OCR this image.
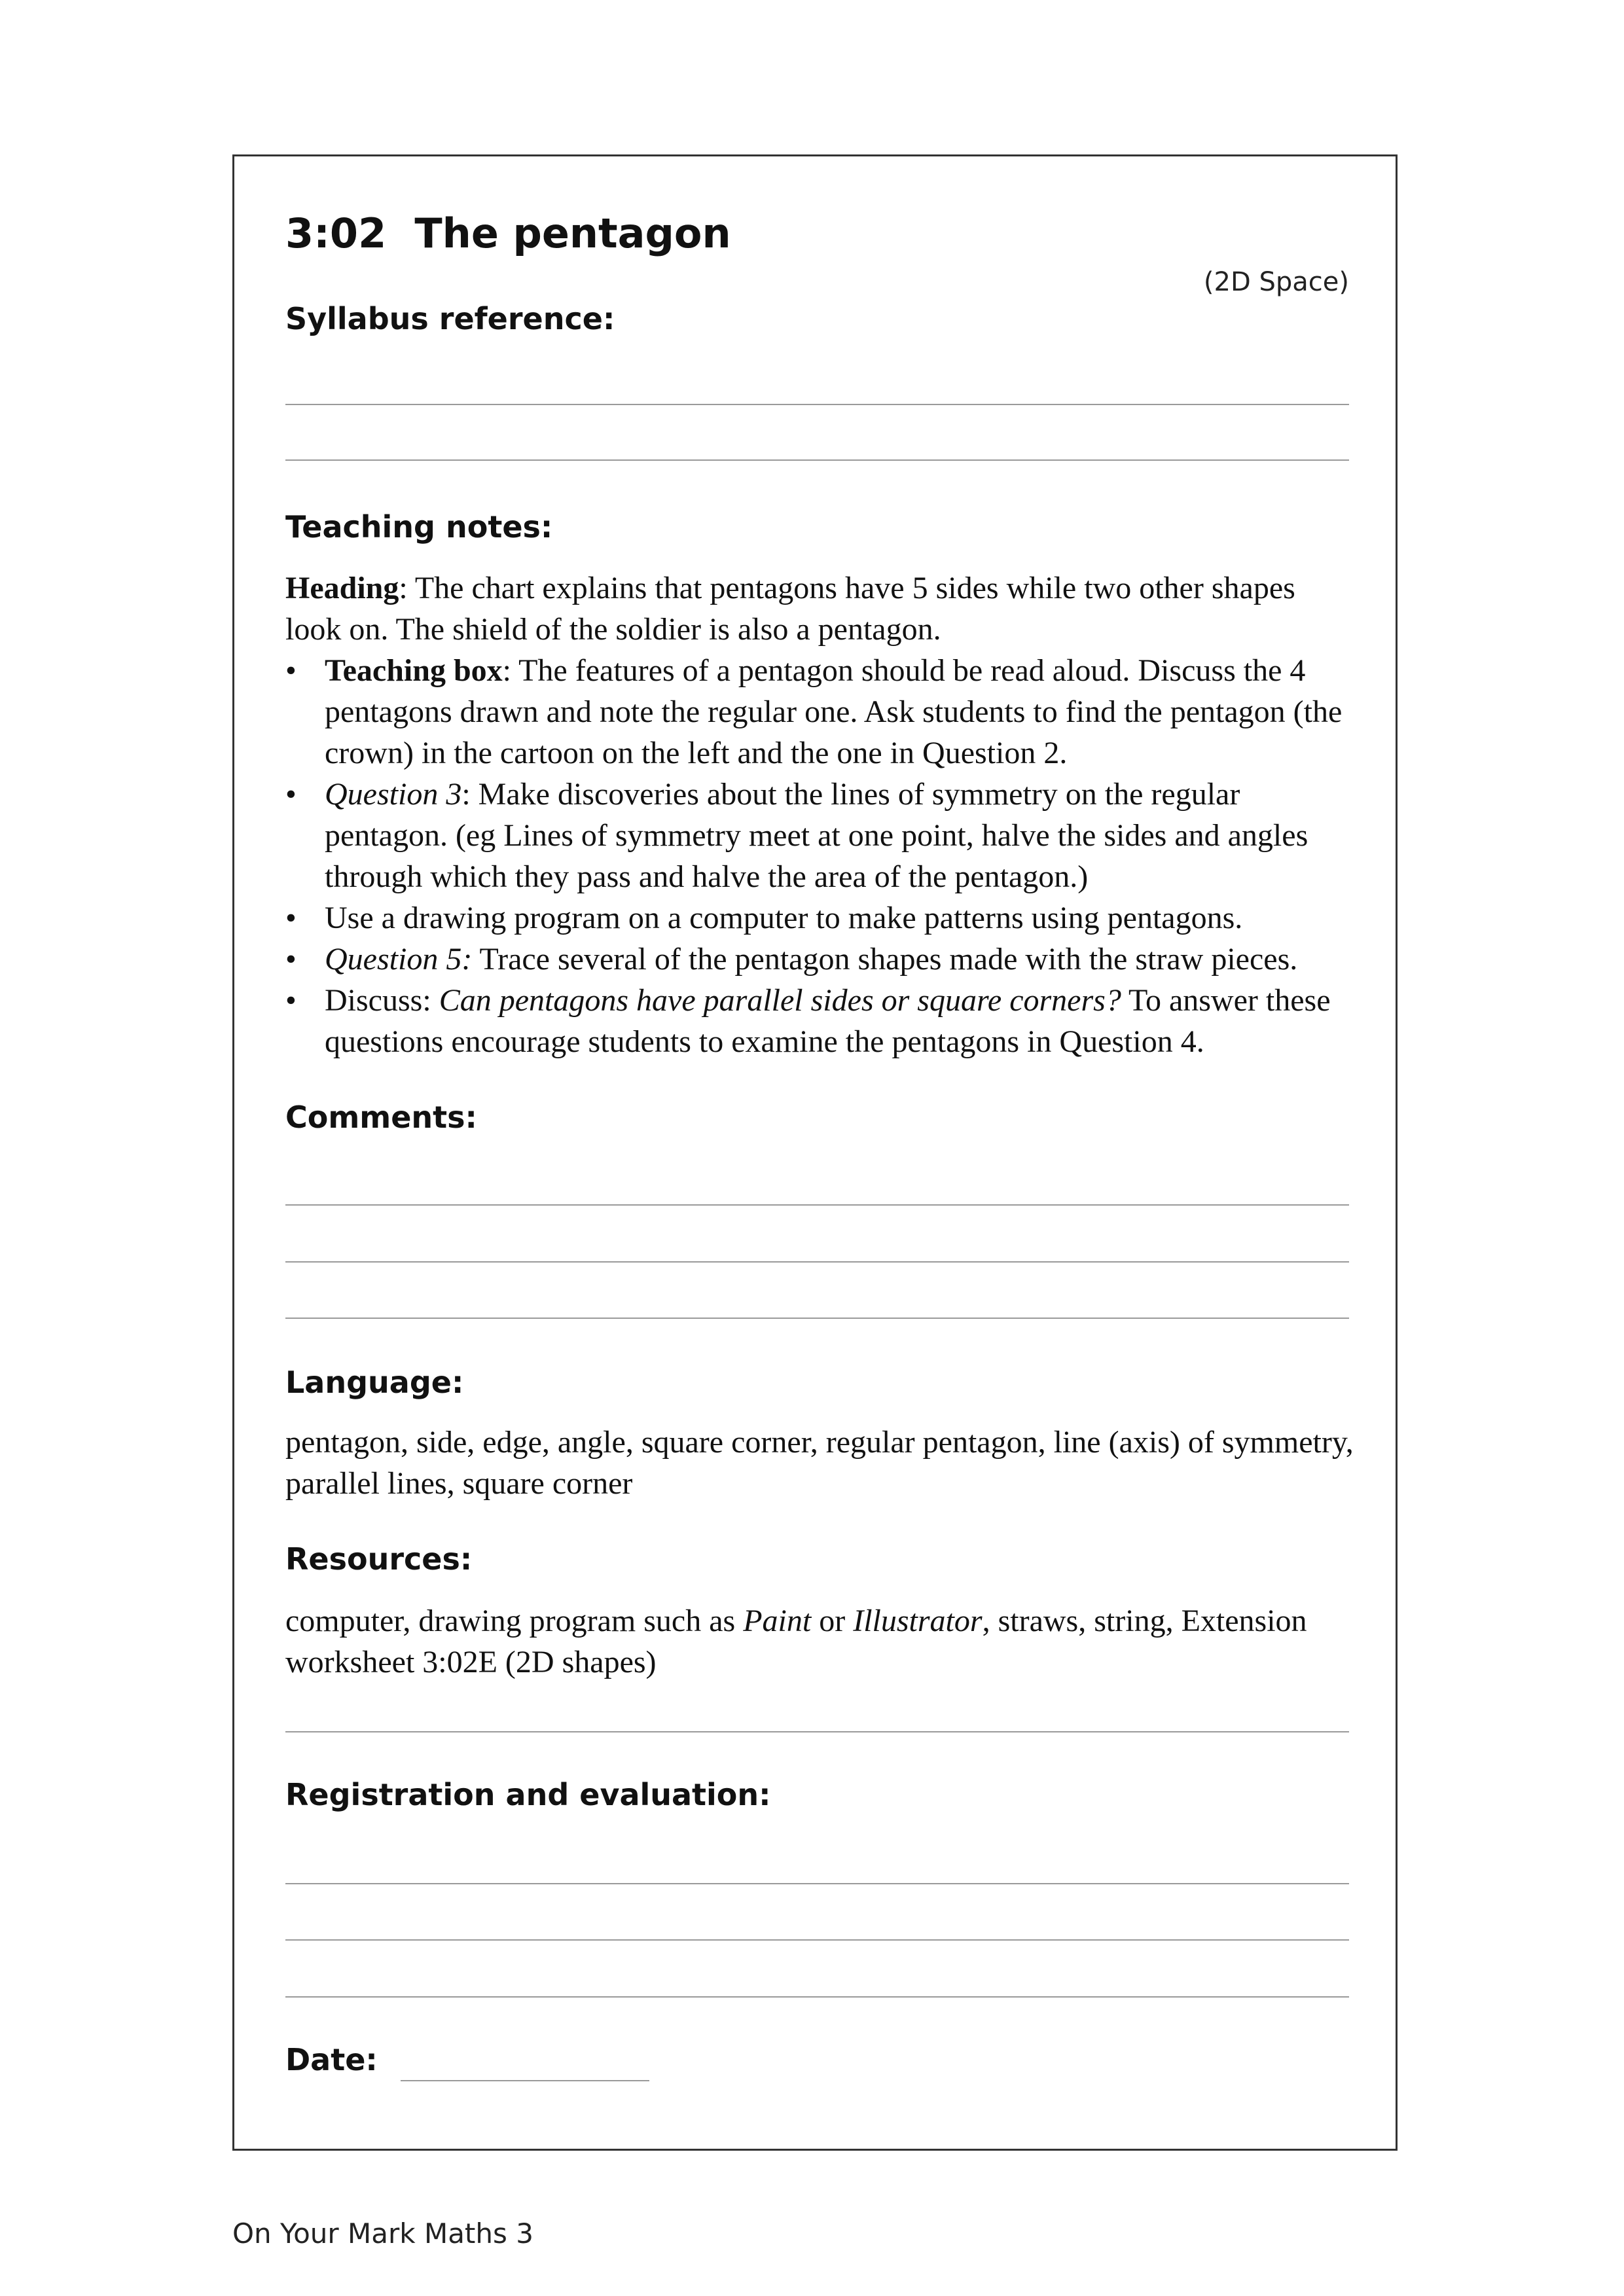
3:02  The pentagon
(2D Space)
Syllabus reference:
Teaching notes:

Heading: The chart explains that pentagons have 5 sides while two other shapes look on. The shield of the soldier is also a pentagon.

• Teaching box: The features of a pentagon should be read aloud. Discuss the 4 pentagons drawn and note the regular one. Ask students to find the pentagon (the crown) in the cartoon on the left and the one in Question 2.
• Question 3: Make discoveries about the lines of symmetry on the regular pentagon. (eg Lines of symmetry meet at one point, halve the sides and angles through which they pass and halve the area of the pentagon.)
• Use a drawing program on a computer to make patterns using pentagons.
• Question 5: Trace several of the pentagon shapes made with the straw pieces.
• Discuss: Can pentagons have parallel sides or square corners? To answer these questions encourage students to examine the pentagons in Question 4.
Comments:
Language:
pentagon, side, edge, angle, square corner, regular pentagon, line (axis) of symmetry, parallel lines, square corner
Resources:
computer, drawing program such as Paint or Illustrator, straws, string, Extension worksheet 3:02E (2D shapes)
Registration and evaluation:
Date:
On Your Mark Maths 3
